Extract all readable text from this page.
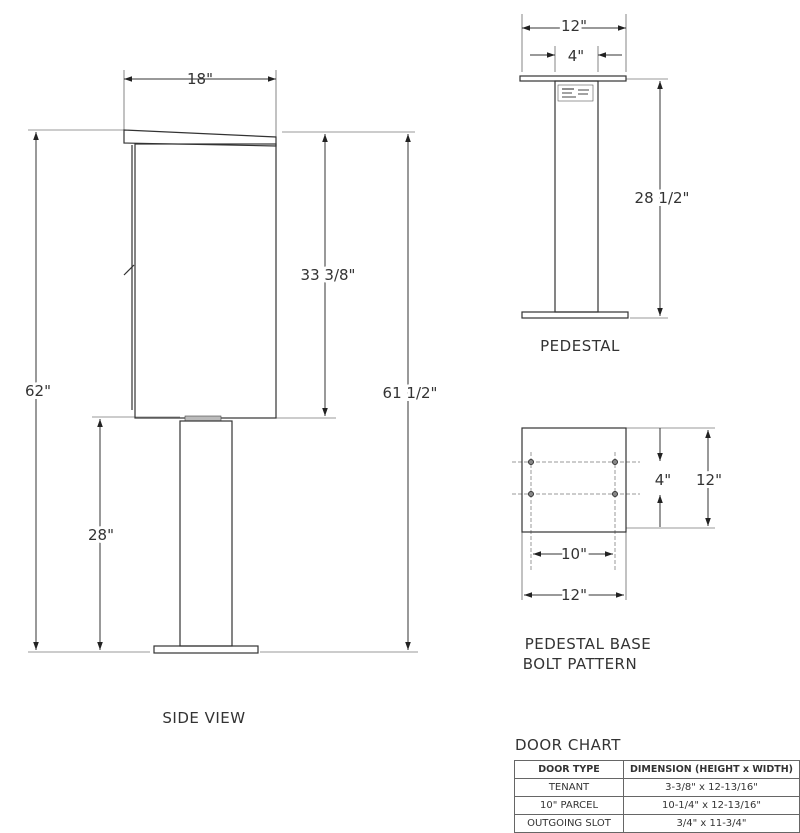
18"
62"
33 3/8"
61 1/2"
28"
SIDE VIEW
12"
4"
28 1/2"
PEDESTAL
4" 12"
10"
12"
PEDESTAL BASE
BOLT PATTERN
DOOR CHART
DOOR TYPE	DIMENSION (HEIGHT x WIDTH)
TENANT	3-3/8" x 12-13/16"
10" PARCEL	10-1/4" x 12-13/16"
OUTGOING SLOT	3/4" x 11-3/4"
